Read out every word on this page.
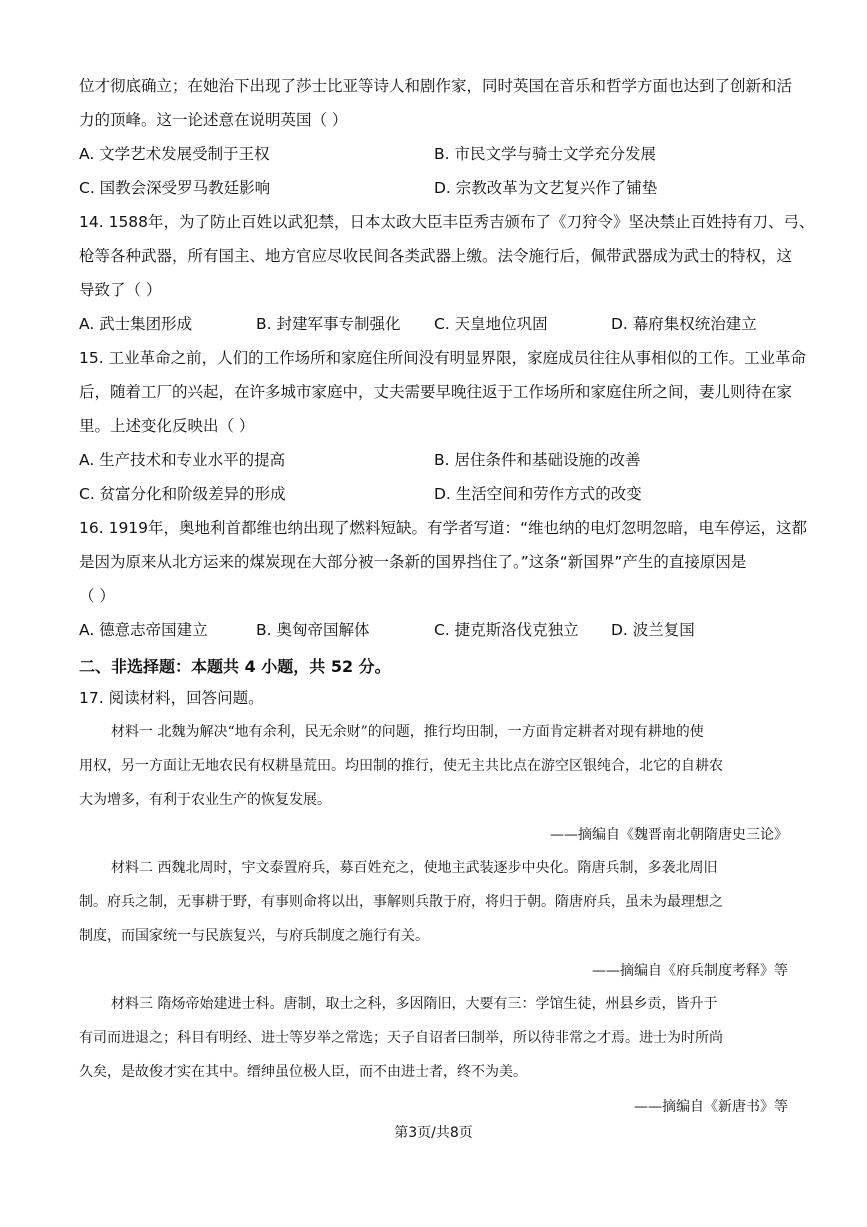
位才彻底确立；在她治下出现了莎士比亚等诗人和剧作家，同时英国在音乐和哲学方面也达到了创新和活
力的顶峰。这一论述意在说明英国（ ）
A. 文学艺术发展受制于王权	B. 市民文学与骑士文学充分发展
C. 国教会深受罗马教廷影响	D. 宗教改革为文艺复兴作了铺垫
14. 1588年，为了防止百姓以武犯禁，日本太政大臣丰臣秀吉颁布了《刀狩令》坚决禁止百姓持有刀、弓、
枪等各种武器，所有国主、地方官应尽收民间各类武器上缴。法令施行后，佩带武器成为武士的特权，这
导致了（ ）
A. 武士集团形成	B. 封建军事专制强化 C. 天皇地位巩固	D. 幕府集权统治建立
15. 工业革命之前，人们的工作场所和家庭住所间没有明显界限，家庭成员往往从事相似的工作。工业革命
后，随着工厂的兴起，在许多城市家庭中，丈夫需要早晚往返于工作场所和家庭住所之间，妻儿则待在家
里。上述变化反映出（ ）
A. 生产技术和专业水平的提高	B. 居住条件和基础设施的改善
C. 贫富分化和阶级差异的形成	D. 生活空间和劳作方式的改变
16. 1919年，奥地利首都维也纳出现了燃料短缺。有学者写道：“维也纳的电灯忽明忽暗，电车停运，这都
是因为原来从北方运来的煤炭现在大部分被一条新的国界挡住了。”这条“新国界”产生的直接原因是
（ ）
A. 德意志帝国建立	B. 奥匈帝国解体	C. 捷克斯洛伐克独立 D. 波兰复国
二、非选择题：本题共 4 小题，共 52 分。
17. 阅读材料，回答问题。
材料一 北魏为解决“地有余利，民无余财”的问题，推行均田制，一方面肯定耕者对现有耕地的使
用权，另一方面让无地农民有权耕垦荒田。均田制的推行，使无主共比点在游空区银纯合，北它的自耕农
大为增多，有利于农业生产的恢复发展。
——摘编自《魏晋南北朝隋唐史三论》
材料二 西魏北周时，宇文泰置府兵，募百姓充之，使地主武装逐步中央化。隋唐兵制，多袭北周旧
制。府兵之制，无事耕于野，有事则命将以出，事解则兵散于府，将归于朝。隋唐府兵，虽未为最理想之
制度，而国家统一与民族复兴，与府兵制度之施行有关。
——摘编自《府兵制度考释》等
材料三 隋炀帝始建进士科。唐制，取士之科，多因隋旧，大要有三：学馆生徒，州县乡贡，皆升于
有司而进退之；科目有明经、进士等岁举之常选；天子自诏者曰制举，所以待非常之才焉。进士为时所尚
久矣，是故俊才实在其中。缙绅虽位极人臣，而不由进士者，终不为美。
——摘编自《新唐书》等
第3页/共8页
